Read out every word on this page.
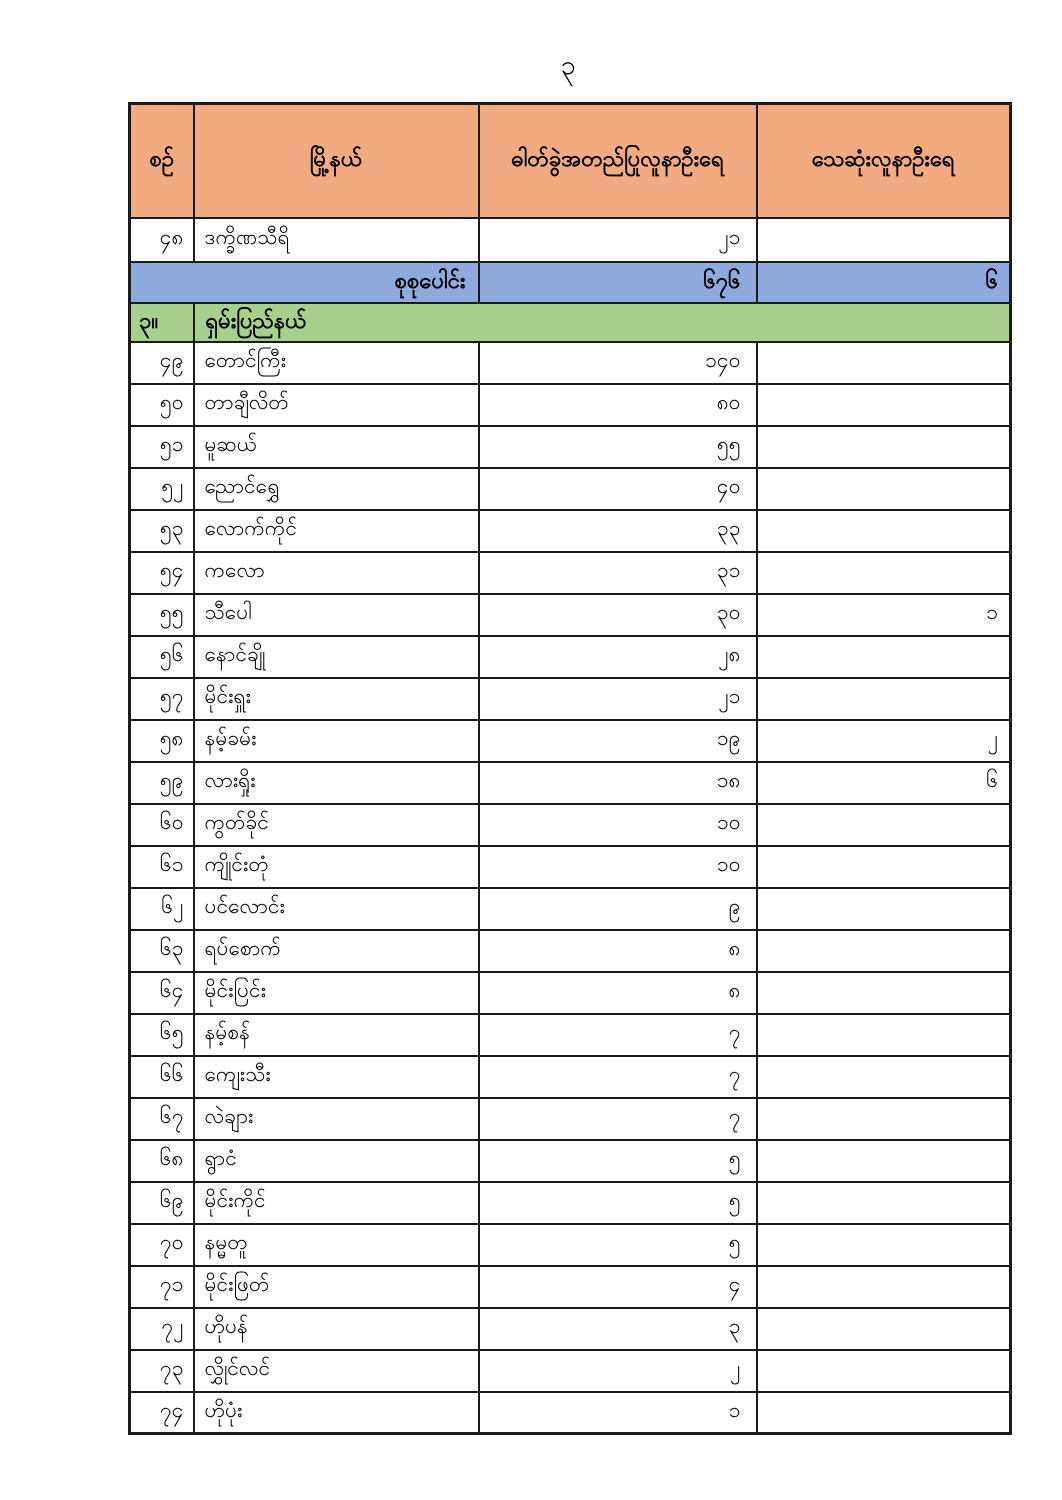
၃
စဉ်	မြို့နယ်	ဓါတ်ခွဲအတည်ပြုလူနာဦးရေ	သေဆုံးလူနာဦးရေ
၄၈	ဒက္ခိဏသီရိ	၂၁	
စုစုပေါင်း		၆၇၆	၆
၃။	ရှမ်းပြည်နယ်		
၄၉	တောင်ကြီး	၁၄၀	
၅၀	တာချီလိတ်	၈၀	
၅၁	မူဆယ်	၅၅	
၅၂	ညောင်ရွှေ	၄၀	
၅၃	လောက်ကိုင်	၃၃	
၅၄	ကလော	၃၁	
၅၅	သီပေါ	၃၀	၁
၅၆	နောင်ချို	၂၈	
၅၇	မိုင်းရှူး	၂၁	
၅၈	နမ့်ခမ်း	၁၉	၂
၅၉	လားရှိုး	၁၈	၆
၆၀	ကွတ်ခိုင်	၁၀	
၆၁	ကျိုင်းတုံ	၁၀	
၆၂	ပင်လောင်း	၉	
၆၃	ရပ်စောက်	၈	
၆၄	မိုင်းပြင်း	၈	
၆၅	နမ့်စန်	၇	
၆၆	ကျေးသီး	၇	
၆၇	လဲချား	၇	
၆၈	ရွာငံ	၅	
၆၉	မိုင်းကိုင်	၅	
၇၀	နမ္မတူ	၅	
၇၁	မိုင်းဖြတ်	၄	
၇၂	ဟိုပန်	၃	
၇၃	လွှိုင်လင်	၂	
၇၄	ဟိုပုံး	၁	
